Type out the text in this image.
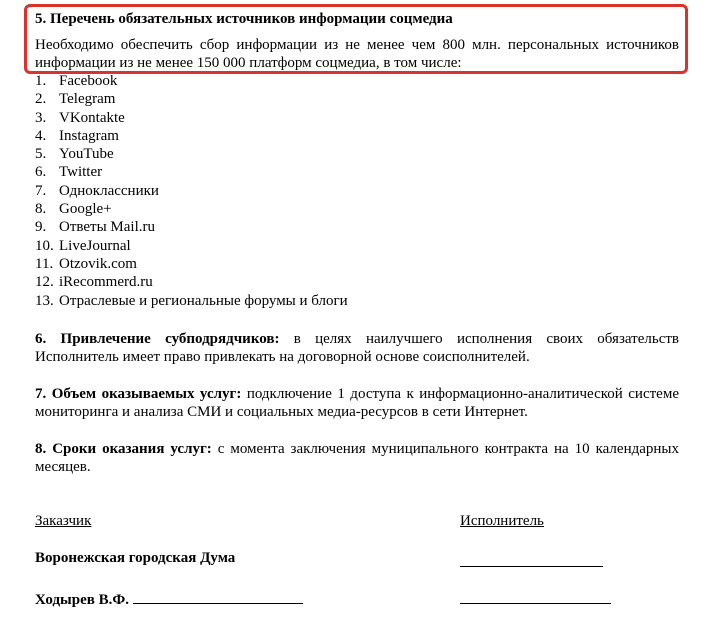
5. Перечень обязательных источников информации соцмедиа
Необходимо обеспечить сбор информации из не менее чем 800 млн. персональных источников информации из не менее 150 000 платформ соцмедиа, в том числе:
1. Facebook
2. Telegram
3. VKontakte
4. Instagram
5. YouTube
6. Twitter
7. Одноклассники
8. Google+
9. Ответы Mail.ru
10. LiveJournal
11. Otzovik.com
12. iRecommerd.ru
13. Отраслевые и региональные форумы и блоги
6. Привлечение субподрядчиков: в целях наилучшего исполнения своих обязательств Исполнитель имеет право привлекать на договорной основе соисполнителей.
7. Объем оказываемых услуг: подключение 1 доступа к информационно-аналитической системе мониторинга и анализа СМИ и социальных медиа-ресурсов в сети Интернет.
8. Сроки оказания услуг: с момента заключения муниципального контракта на 10 календарных месяцев.
Заказчик	Исполнитель
Воронежская городская Дума
Ходырев В.Ф.
